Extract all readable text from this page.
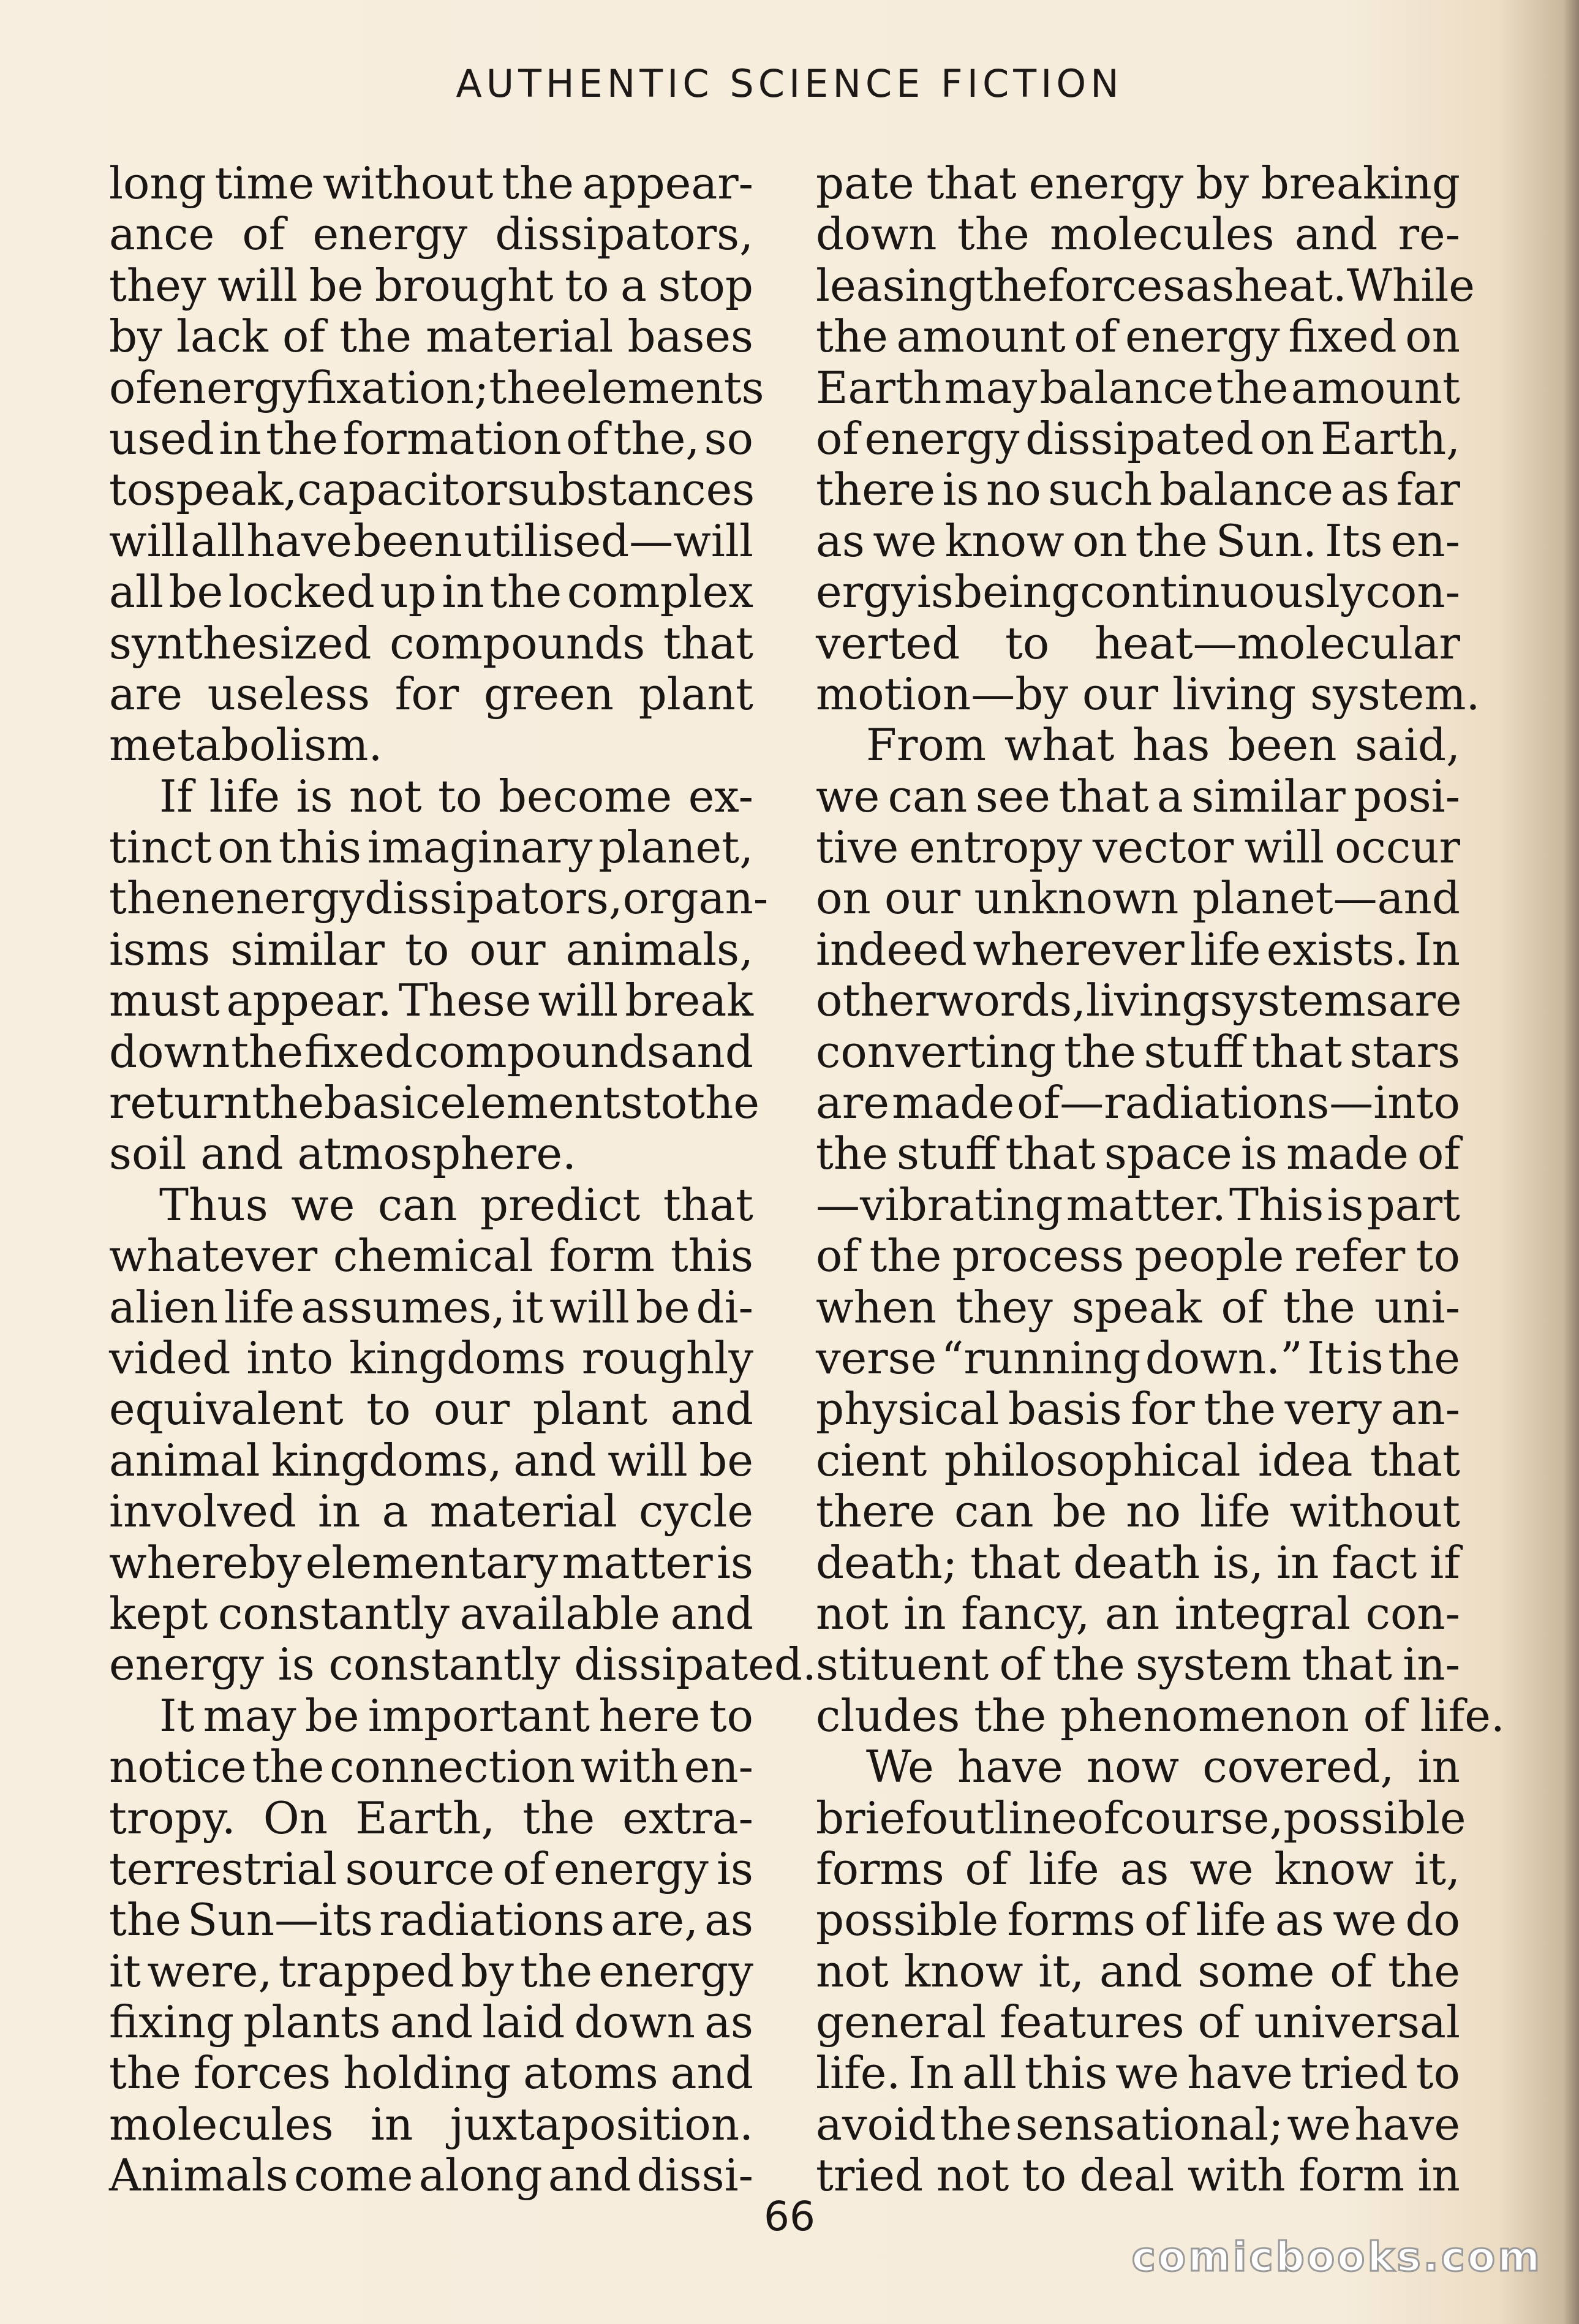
AUTHENTIC SCIENCE FICTION
long time without the appear-
ance of energy dissipators,
they will be brought to a stop
by lack of the material bases
of energy fixation; the elements
used in the formation of the, so
to speak, capacitor substances
will all have been utilised—will
all be locked up in the complex
synthesized compounds that
are useless for green plant
metabolism.
If life is not to become ex-
tinct on this imaginary planet,
then energy dissipators, organ-
isms similar to our animals,
must appear. These will break
down the fixed compounds and
return the basic elements to the
soil and atmosphere.
Thus we can predict that
whatever chemical form this
alien life assumes, it will be di-
vided into kingdoms roughly
equivalent to our plant and
animal kingdoms, and will be
involved in a material cycle
whereby elementary matter is
kept constantly available and
energy is constantly dissipated.
It may be important here to
notice the connection with en-
tropy. On Earth, the extra-
terrestrial source of energy is
the Sun—its radiations are, as
it were, trapped by the energy
fixing plants and laid down as
the forces holding atoms and
molecules in juxtaposition.
Animals come along and dissi-
pate that energy by breaking
down the molecules and re-
leasing the forces as heat. While
the amount of energy fixed on
Earth may balance the amount
of energy dissipated on Earth,
there is no such balance as far
as we know on the Sun. Its en-
ergy is being continuously con-
verted to heat—molecular
motion—by our living system.
From what has been said,
we can see that a similar posi-
tive entropy vector will occur
on our unknown planet—and
indeed wherever life exists. In
other words, living systems are
converting the stuff that stars
are made of—radiations—into
the stuff that space is made of
—vibrating matter. This is part
of the process people refer to
when they speak of the uni-
verse “running down.” It is the
physical basis for the very an-
cient philosophical idea that
there can be no life without
death; that death is, in fact if
not in fancy, an integral con-
stituent of the system that in-
cludes the phenomenon of life.
We have now covered, in
brief outline of course, possible
forms of life as we know it,
possible forms of life as we do
not know it, and some of the
general features of universal
life. In all this we have tried to
avoid the sensational; we have
tried not to deal with form in
66
comicbooks.com
